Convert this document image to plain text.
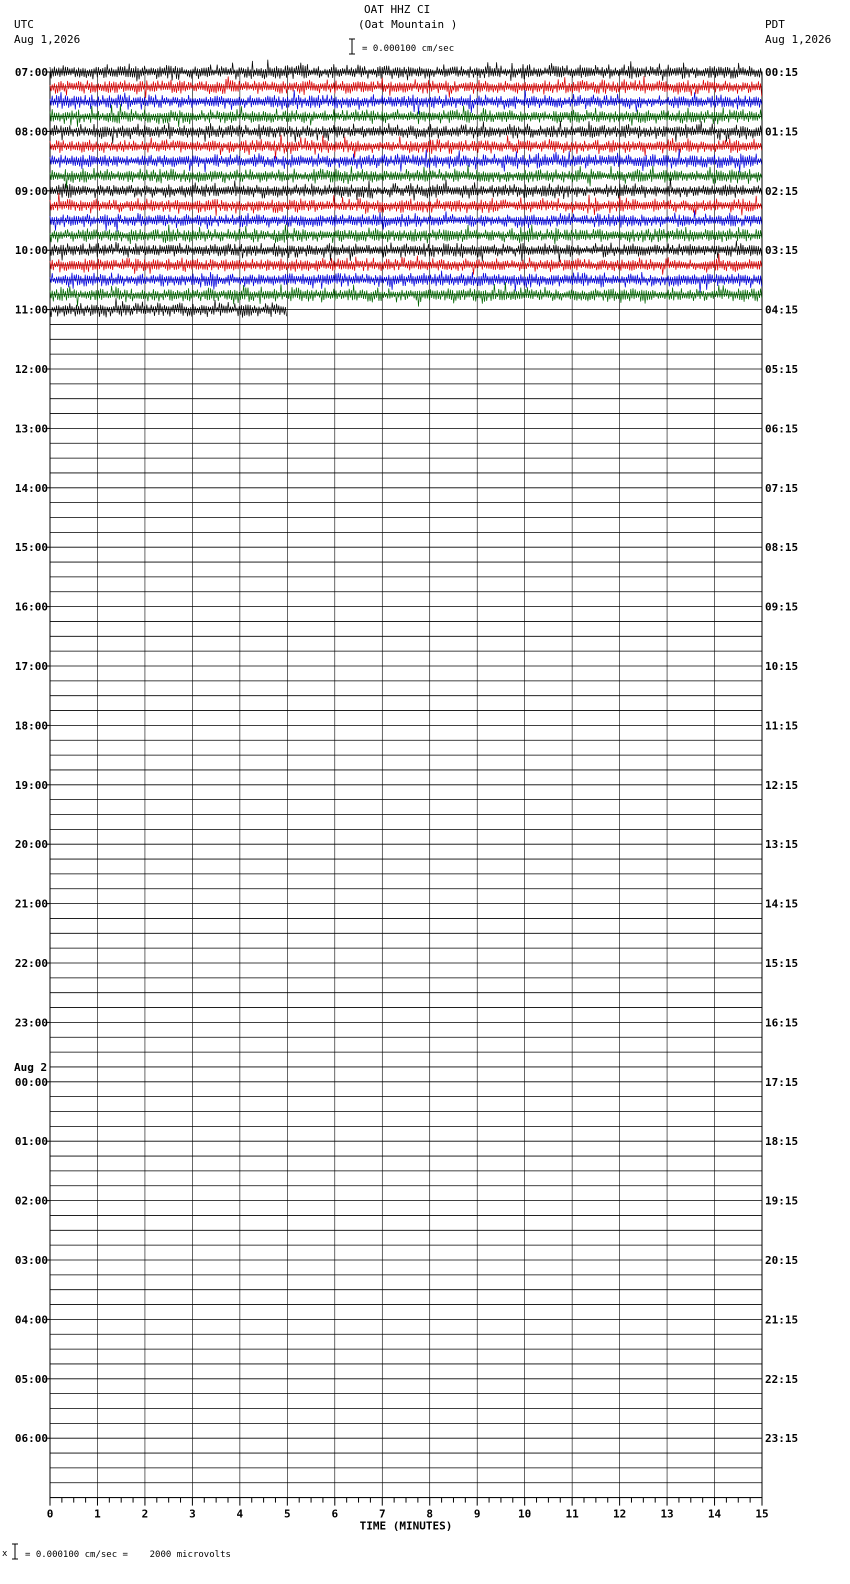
OAT HHZ CI
(Oat Mountain )
UTC
Aug 1,2026
PDT
Aug 1,2026
= 0.000100 cm/sec
07:00
08:00
09:00
10:00
11:00
12:00
13:00
14:00
15:00
16:00
17:00
18:00
19:00
20:00
21:00
22:00
23:00
00:00
01:00
02:00
03:00
04:00
05:00
06:00
00:15
01:15
02:15
03:15
04:15
05:15
06:15
07:15
08:15
09:15
10:15
11:15
12:15
13:15
14:15
15:15
16:15
17:15
18:15
19:15
20:15
21:15
22:15
23:15
Aug 2
0	1	2	3	4	5	6	7	8	9	10	11	12	13	14	15
TIME (MINUTES)
x = 0.000100 cm/sec =    2000 microvolts
